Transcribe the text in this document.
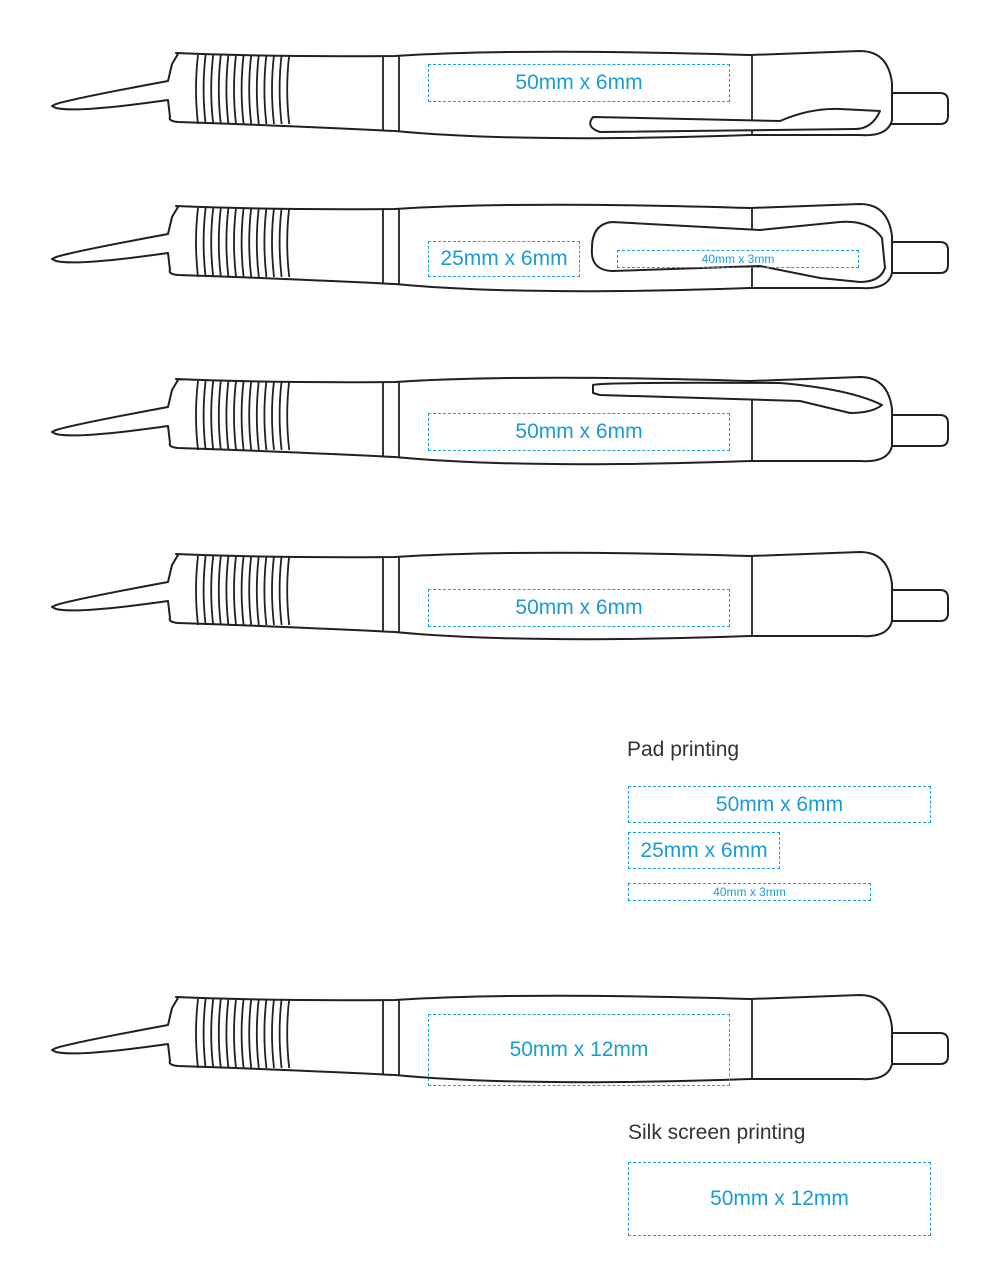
50mm x 6mm
25mm x 6mm	40mm x 3mm
50mm x 6mm
50mm x 6mm
Pad printing
50mm x 6mm
25mm x 6mm
40mm x 3mm
50mm x 12mm
Silk screen printing
50mm x 12mm
